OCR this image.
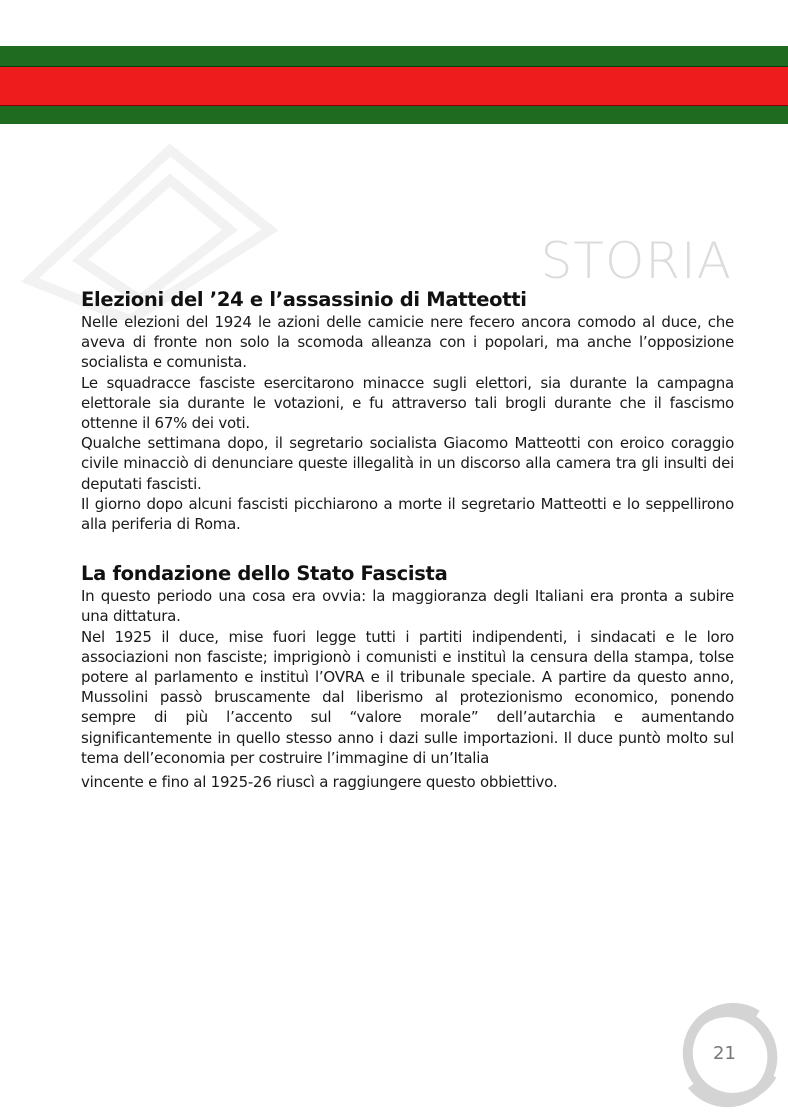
STORIA
Elezioni del ’24 e l’assassinio di Matteotti

Nelle elezioni del 1924 le azioni delle camicie nere fecero ancora comodo al duce, che aveva di fronte non solo la scomoda alleanza con i popolari, ma anche l’opposizione socialista e comunista.

Le squadracce fasciste esercitarono minacce sugli elettori, sia durante la campagna elettorale sia durante le votazioni, e fu attraverso tali brogli durante che il fascismo ottenne il 67% dei voti.

Qualche settimana dopo, il segretario socialista Giacomo Matteotti con eroico coraggio civile minacciò di denunciare queste illegalità in un discorso alla camera tra gli insulti dei deputati fascisti.

Il giorno dopo alcuni fascisti picchiarono a morte il segretario Matteotti e lo seppellirono alla periferia di Roma.

La fondazione dello Stato Fascista

In questo periodo una cosa era ovvia: la maggioranza degli Italiani era pronta a subire una dittatura.

Nel 1925 il duce, mise fuori legge tutti i partiti indipendenti, i sindacati e le loro associazioni non fasciste; imprigionò i comunisti e instituì la censura della stampa, tolse potere al parlamento e instituì l’OVRA e il tribunale speciale. A partire da questo anno, Mussolini passò bruscamente dal liberismo al protezionismo economico, ponendo sempre di più l’accento sul “valore morale” dell’autarchia e aumentando significantemente in quello stesso anno i dazi sulle importazioni. Il duce puntò molto sul tema dell’economia per costruire l’immagine di un’Italia

vincente e fino al 1925-26 riuscì a raggiungere questo obbiettivo.

21
